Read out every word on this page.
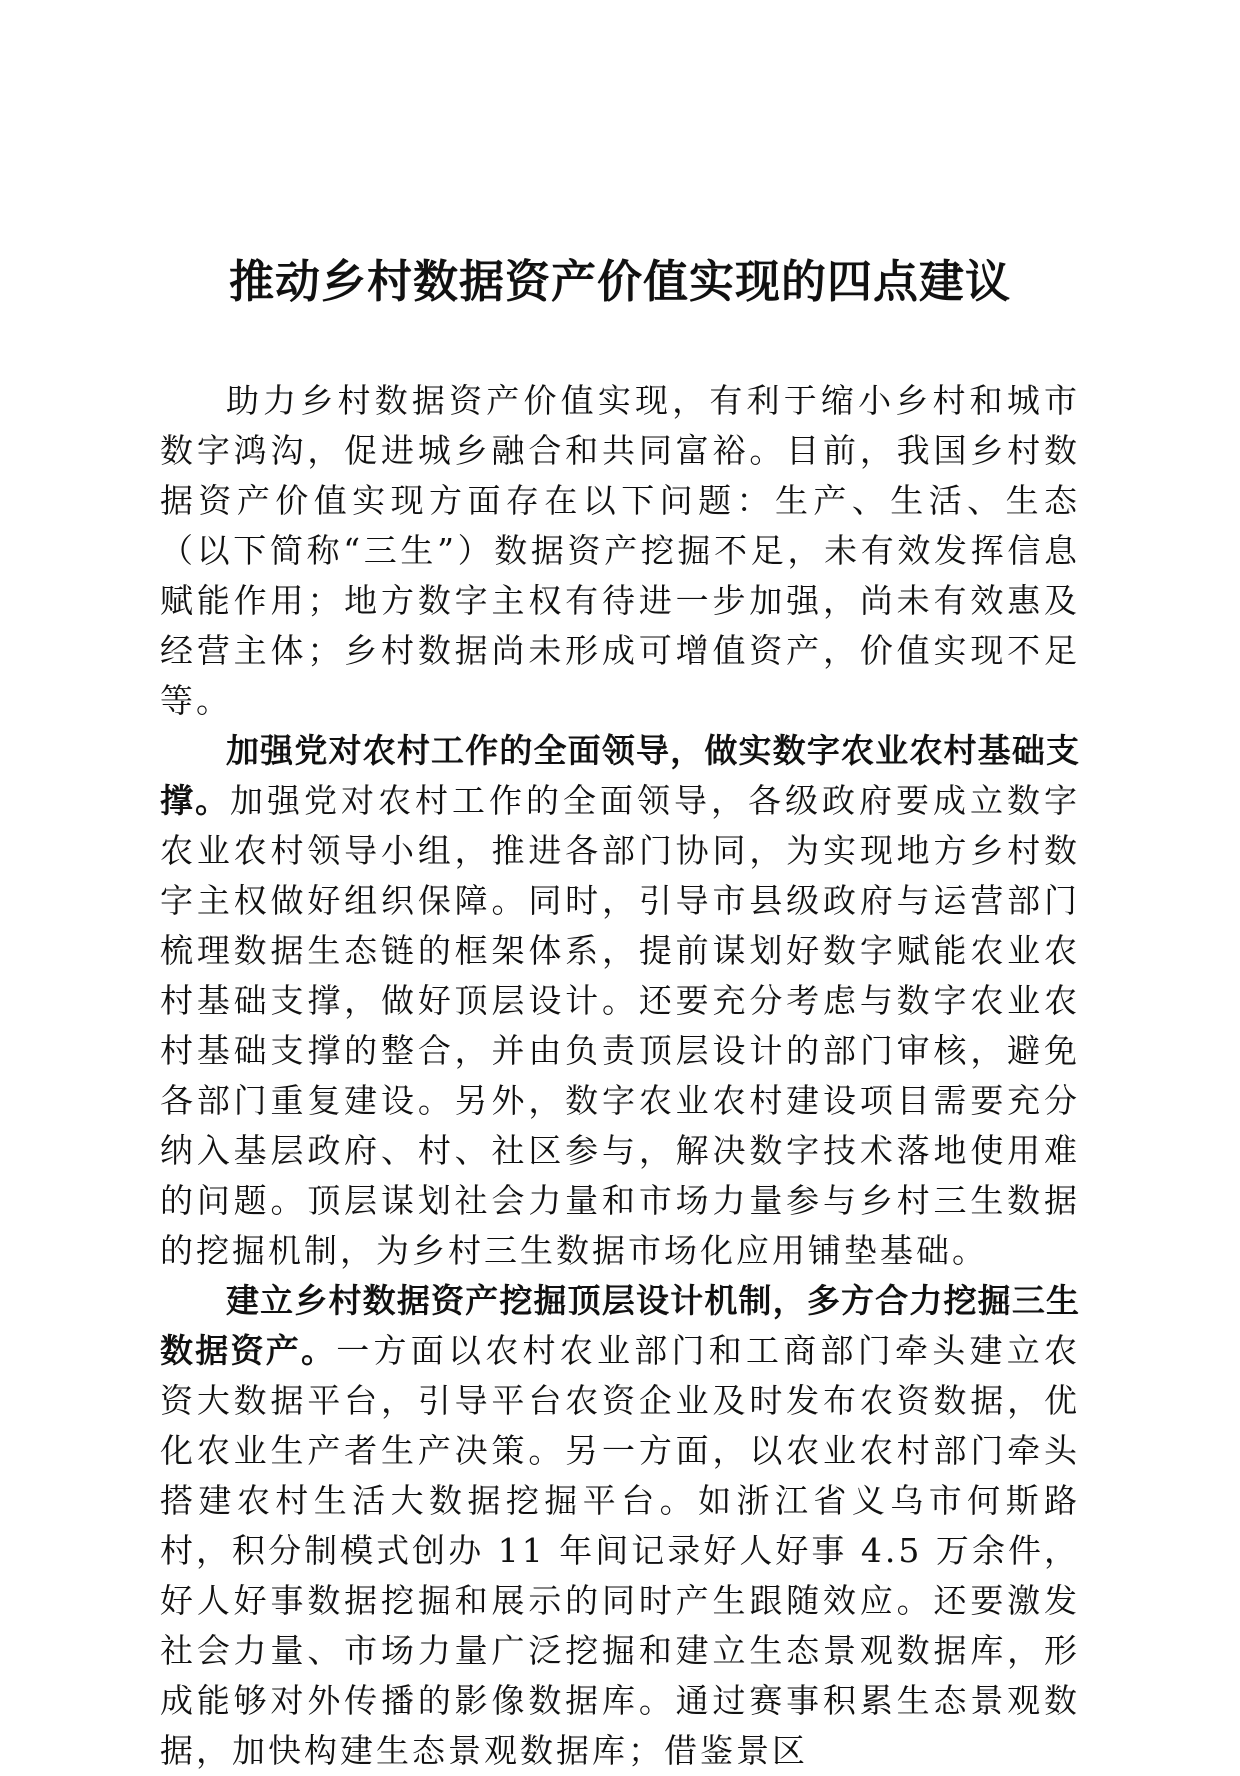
推动乡村数据资产价值实现的四点建议

助力乡村数据资产价值实现，有利于缩小乡村和城市数字鸿沟，促进城乡融合和共同富裕。目前，我国乡村数据资产价值实现方面存在以下问题：生产、生活、生态（以下简称“三生”）数据资产挖掘不足，未有效发挥信息赋能作用；地方数字主权有待进一步加强，尚未有效惠及经营主体；乡村数据尚未形成可增值资产，价值实现不足等。

加强党对农村工作的全面领导，做实数字农业农村基础支撑。加强党对农村工作的全面领导，各级政府要成立数字农业农村领导小组，推进各部门协同，为实现地方乡村数字主权做好组织保障。同时，引导市县级政府与运营部门梳理数据生态链的框架体系，提前谋划好数字赋能农业农村基础支撑，做好顶层设计。还要充分考虑与数字农业农村基础支撑的整合，并由负责顶层设计的部门审核，避免各部门重复建设。另外，数字农业农村建设项目需要充分纳入基层政府、村、社区参与，解决数字技术落地使用难的问题。顶层谋划社会力量和市场力量参与乡村三生数据的挖掘机制，为乡村三生数据市场化应用铺垫基础。

建立乡村数据资产挖掘顶层设计机制，多方合力挖掘三生数据资产。一方面以农村农业部门和工商部门牵头建立农资大数据平台，引导平台农资企业及时发布农资数据，优化农业生产者生产决策。另一方面，以农业农村部门牵头搭建农村生活大数据挖掘平台。如浙江省义乌市何斯路村，积分制模式创办 11 年间记录好人好事 4.5 万余件，好人好事数据挖掘和展示的同时产生跟随效应。还要激发社会力量、市场力量广泛挖掘和建立生态景观数据库，形成能够对外传播的影像数据库。通过赛事积累生态景观数据，加快构建生态景观数据库；借鉴景区
